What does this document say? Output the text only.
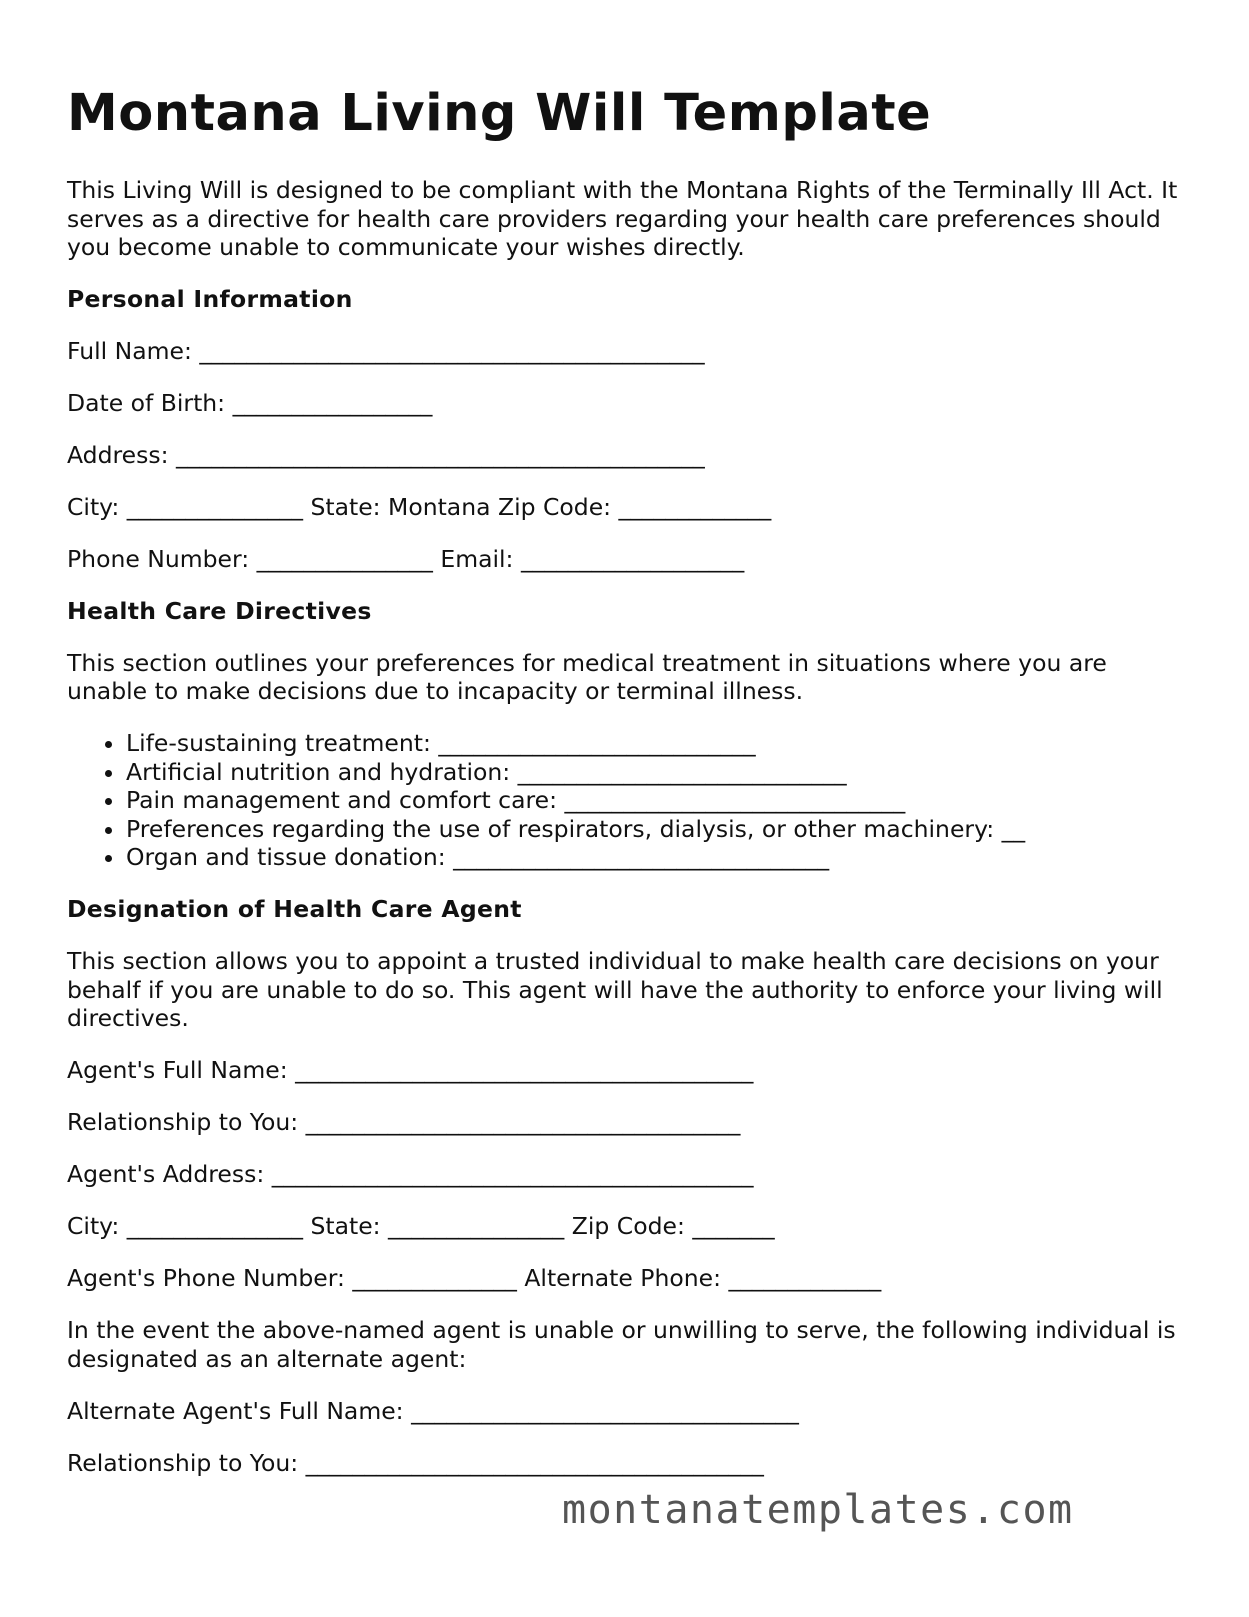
Montana Living Will Template

This Living Will is designed to be compliant with the Montana Rights of the Terminally Ill Act. It serves as a directive for health care providers regarding your health care preferences should you become unable to communicate your wishes directly.

Personal Information
Full Name: ___________________________________________
Date of Birth: _________________
Address: _____________________________________________
City: _______________ State: Montana Zip Code: _____________
Phone Number: _______________ Email: ___________________
Health Care Directives

This section outlines your preferences for medical treatment in situations where you are unable to make decisions due to incapacity or terminal illness.

• Life-sustaining treatment: ___________________________
• Artificial nutrition and hydration: ____________________________
• Pain management and comfort care: _____________________________
• Preferences regarding the use of respirators, dialysis, or other machinery: __
• Organ and tissue donation: ________________________________
Designation of Health Care Agent

This section allows you to appoint a trusted individual to make health care decisions on your behalf if you are unable to do so. This agent will have the authority to enforce your living will directives.

Agent's Full Name: _______________________________________
Relationship to You: _____________________________________
Agent's Address: _________________________________________
City: _______________ State: _______________ Zip Code: _______
Agent's Phone Number: ______________ Alternate Phone: _____________

In the event the above-named agent is unable or unwilling to serve, the following individual is designated as an alternate agent:

Alternate Agent's Full Name: _________________________________
Relationship to You: _______________________________________
montanatemplates.com
